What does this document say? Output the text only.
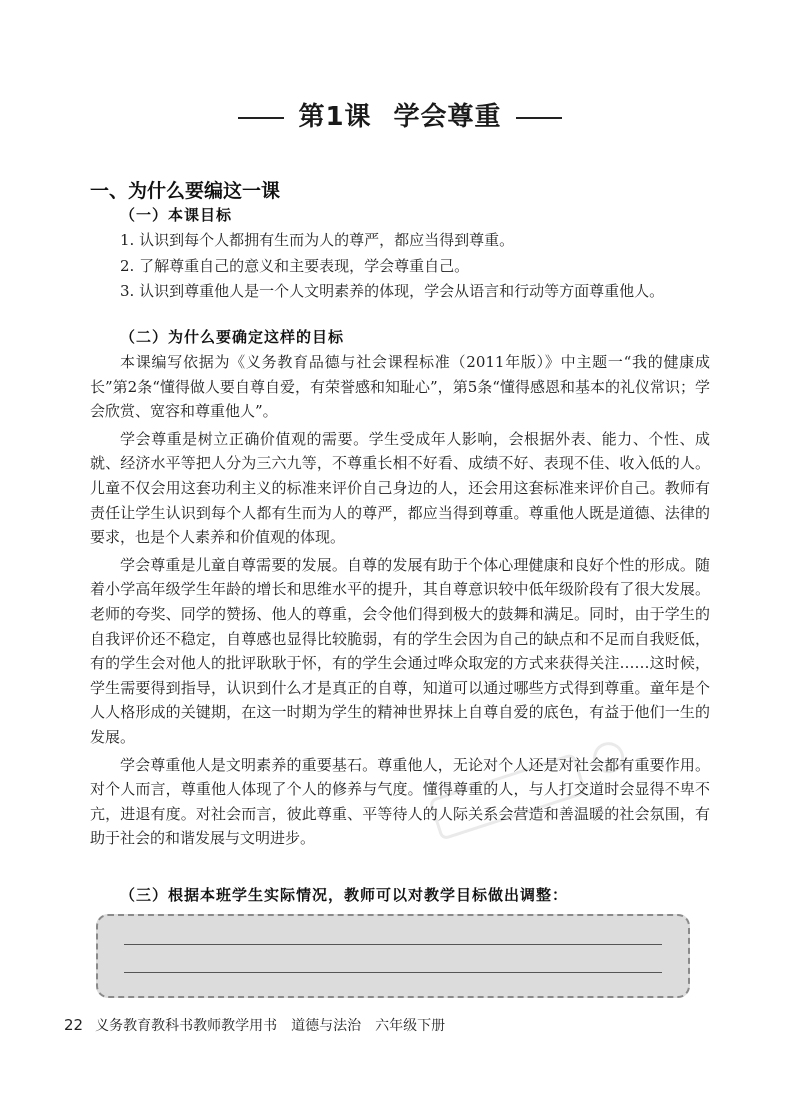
第1课 学会尊重
一、为什么要编这一课
（一）本课目标
1. 认识到每个人都拥有生而为人的尊严，都应当得到尊重。
2. 了解尊重自己的意义和主要表现，学会尊重自己。
3. 认识到尊重他人是一个人文明素养的体现，学会从语言和行动等方面尊重他人。
（二）为什么要确定这样的目标

本课编写依据为《义务教育品德与社会课程标准（2011年版）》中主题一“我的健康成长”第2条“懂得做人要自尊自爱，有荣誉感和知耻心”，第5条“懂得感恩和基本的礼仪常识；学会欣赏、宽容和尊重他人”。

学会尊重是树立正确价值观的需要。学生受成年人影响，会根据外表、能力、个性、成就、经济水平等把人分为三六九等，不尊重长相不好看、成绩不好、表现不佳、收入低的人。儿童不仅会用这套功利主义的标准来评价自己身边的人，还会用这套标准来评价自己。教师有责任让学生认识到每个人都有生而为人的尊严，都应当得到尊重。尊重他人既是道德、法律的要求，也是个人素养和价值观的体现。

学会尊重是儿童自尊需要的发展。自尊的发展有助于个体心理健康和良好个性的形成。随着小学高年级学生年龄的增长和思维水平的提升，其自尊意识较中低年级阶段有了很大发展。老师的夸奖、同学的赞扬、他人的尊重，会令他们得到极大的鼓舞和满足。同时，由于学生的自我评价还不稳定，自尊感也显得比较脆弱，有的学生会因为自己的缺点和不足而自我贬低，有的学生会对他人的批评耿耿于怀，有的学生会通过哗众取宠的方式来获得关注……这时候，学生需要得到指导，认识到什么才是真正的自尊，知道可以通过哪些方式得到尊重。童年是个人人格形成的关键期，在这一时期为学生的精神世界抹上自尊自爱的底色，有益于他们一生的发展。

学会尊重他人是文明素养的重要基石。尊重他人，无论对个人还是对社会都有重要作用。对个人而言，尊重他人体现了个人的修养与气度。懂得尊重的人，与人打交道时会显得不卑不亢，进退有度。对社会而言，彼此尊重、平等待人的人际关系会营造和善温暖的社会氛围，有助于社会的和谐发展与文明进步。

（三）根据本班学生实际情况，教师可以对教学目标做出调整：
22 义务教育教科书教师教学用书　道德与法治　六年级下册
